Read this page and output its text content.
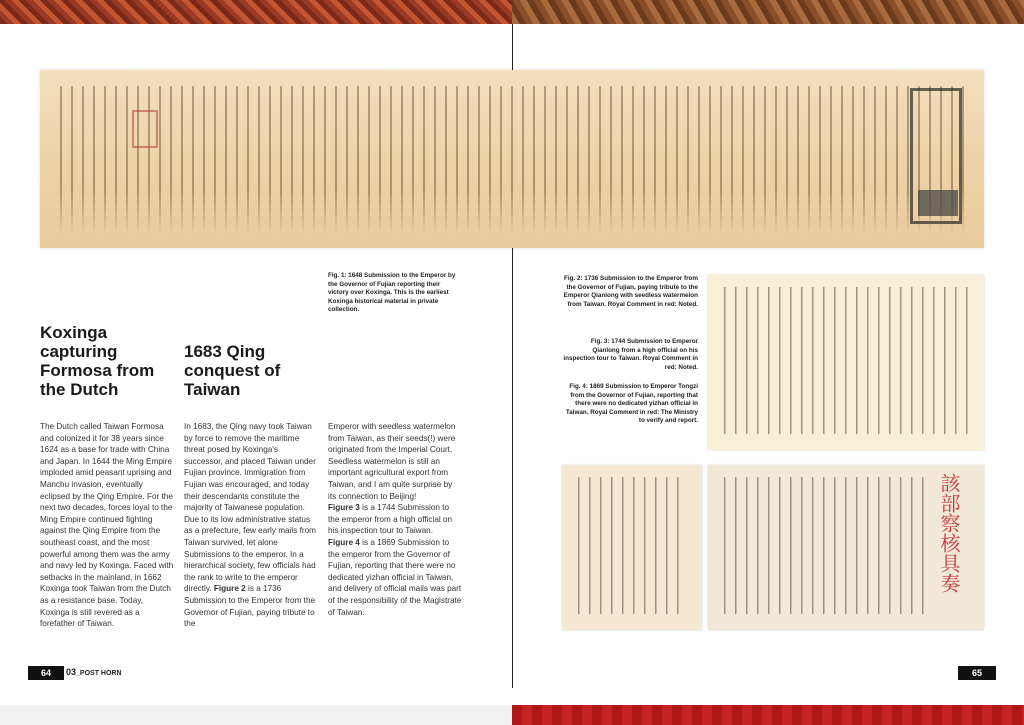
Koxinga capturing Formosa from the Dutch

The Dutch called Taiwan Formosa and colonized it for 38 years since 1624 as a base for trade with China and Japan. In 1644 the Ming Empire imploded amid peasant uprising and Manchu invasion, eventually eclipsed by the Qing Empire. For the next two decades, forces loyal to the Ming Empire continued fighting against the Qing Empire from the southeast coast, and the most powerful among them was the army and navy led by Koxinga. Faced with setbacks in the mainland, in 1662 Koxinga took Taiwan from the Dutch as a resistance base. Today, Koxinga is still revered as a forefather of Taiwan.

1683 Qing conquest of Taiwan

In 1683, the Qing navy took Taiwan by force to remove the maritime threat posed by Koxinga's successor, and placed Taiwan under Fujian province. Immigration from Fujian was encouraged, and today their descendants constitute the majority of Taiwanese population.

Due to its low administrative status as a prefecture, few early mails from Taiwan survived, let alone Submissions to the emperor. In a hierarchical society, few officials had the rank to write to the emperor directly. Figure 2 is a 1736 Submission to the Emperor from the Governor of Fujian, paying tribute to the

Emperor with seedless watermelon from Taiwan, as their seeds(!) were originated from the Imperial Court. Seedless watermelon is still an important agricultural export from Taiwan, and I am quite surprise by its connection to Beijing!

Figure 3 is a 1744 Submission to the emperor from a high official on his inspection tour to Taiwan.

Figure 4 is a 1869 Submission to the emperor from the Governor of Fujian, reporting that there were no dedicated yizhan official in Taiwan, and delivery of official mails was part of the responsibility of the Magistrate of Taiwan.

Fig. 1: 1648 Submission to the Emperor by the Governor of Fujian reporting their victory over Koxinga. This is the earliest Koxinga historical material in private collection.

Fig. 2: 1736 Submission to the Emperor from the Governor of Fujian, paying tribute to the Emperor Qianlong with seedless watermelon from Taiwan. Royal Comment in red: Noted.

Fig. 3: 1744 Submission to Emperor Qianlong from a high official on his inspection tour to Taiwan. Royal Comment in red: Noted.

Fig. 4: 1869 Submission to Emperor Tongzi from the Governor of Fujian, reporting that there were no dedicated yizhan official in Taiwan. Royal Comment in red: The Ministry to verify and report.

該部察核具奏
64	03_POST HORN	65
